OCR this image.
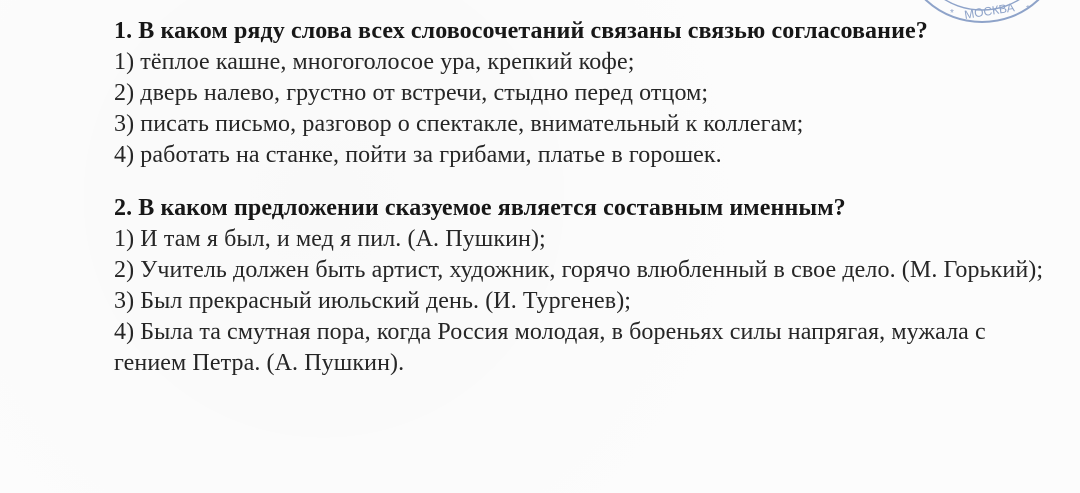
МОСКВА
*	*

1. В каком ряду слова всех словосочетаний связаны связью согласование?

1) тёплое кашне, многоголосое ура, крепкий кофе;

2) дверь налево, грустно от встречи, стыдно перед отцом;

3) писать письмо, разговор о спектакле, внимательный к коллегам;

4) работать на станке, пойти за грибами, платье в горошек.

2. В каком предложении сказуемое является составным именным?

1) И там я был, и мед я пил. (А. Пушкин);

2) Учитель должен быть артист, художник, горячо влюбленный в свое дело. (М. Горький);

3) Был прекрасный июльский день. (И. Тургенев);

4) Была та смутная пора, когда Россия молодая, в бореньях силы напрягая, мужала с гением Петра. (А. Пушкин).
